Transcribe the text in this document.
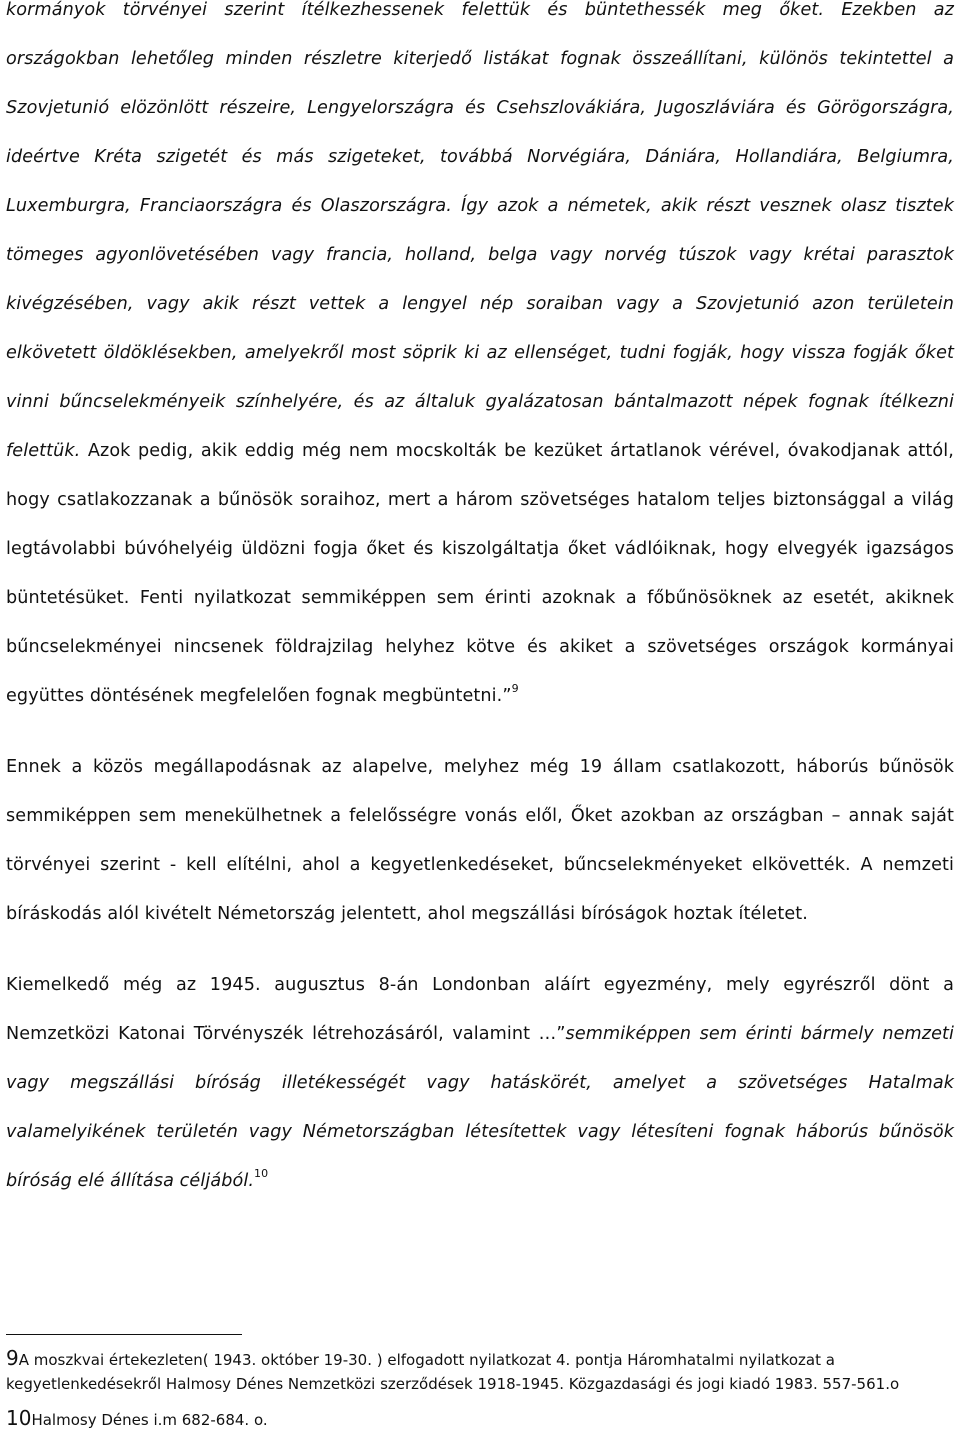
kormányok törvényei szerint ítélkezhessenek felettük és büntethessék meg őket. Ezekben az országokban lehetőleg minden részletre kiterjedő listákat fognak összeállítani, különös tekintettel a Szovjetunió elözönlött részeire, Lengyelországra és Csehszlovákiára, Jugoszláviára és Görögországra, ideértve Kréta szigetét és más szigeteket, továbbá Norvégiára, Dániára, Hollandiára, Belgiumra, Luxemburgra, Franciaországra és Olaszországra. Így azok a németek, akik részt vesznek olasz tisztek tömeges agyonlövetésében vagy francia, holland, belga vagy norvég túszok vagy krétai parasztok kivégzésében, vagy akik részt vettek a lengyel nép soraiban vagy a Szovjetunió azon területein elkövetett öldöklésekben, amelyekről most söprik ki az ellenséget, tudni fogják, hogy vissza fogják őket vinni bűncselekményeik színhelyére, és az általuk gyalázatosan bántalmazott népek fognak ítélkezni felettük. Azok pedig, akik eddig még nem mocskolták be kezüket ártatlanok vérével, óvakodjanak attól, hogy csatlakozzanak a bűnösök soraihoz, mert a három szövetséges hatalom teljes biztonsággal a világ legtávolabbi búvóhelyéig üldözni fogja őket és kiszolgáltatja őket vádlóiknak, hogy elvegyék igazságos büntetésüket. Fenti nyilatkozat semmiképpen sem érinti azoknak a főbűnösöknek az esetét, akiknek bűncselekményei nincsenek földrajzilag helyhez kötve és akiket a szövetséges országok kormányai együttes döntésének megfelelően fognak megbüntetni.”$^9$

Ennek a közös megállapodásnak az alapelve, melyhez még 19 állam csatlakozott, háborús bűnösök semmiképpen sem menekülhetnek a felelősségre vonás elől, Őket azokban az országban – annak saját törvényei szerint - kell elítélni, ahol a kegyetlenkedéseket, bűncselekményeket elkövették. A nemzeti bíráskodás alól kivételt Németország jelentett, ahol megszállási bíróságok hoztak ítéletet.

Kiemelkedő még az 1945. augusztus 8-án Londonban aláírt egyezmény, mely egyrészről dönt a Nemzetközi Katonai Törvényszék létrehozásáról, valamint …”semmiképpen sem érinti bármely nemzeti vagy megszállási bíróság illetékességét vagy hatáskörét, amelyet a szövetséges Hatalmak valamelyikének területén vagy Németországban létesítettek vagy létesíteni fognak háborús bűnösök bíróság elé állítása céljából.$^{10}$

9A moszkvai értekezleten( 1943. október 19-30. ) elfogadott nyilatkozat 4. pontja Háromhatalmi nyilatkozat a kegyetlenkedésekről Halmosy Dénes Nemzetközi szerződések 1918-1945. Közgazdasági és jogi kiadó 1983. 557-561.o

10Halmosy Dénes i.m 682-684. o.
